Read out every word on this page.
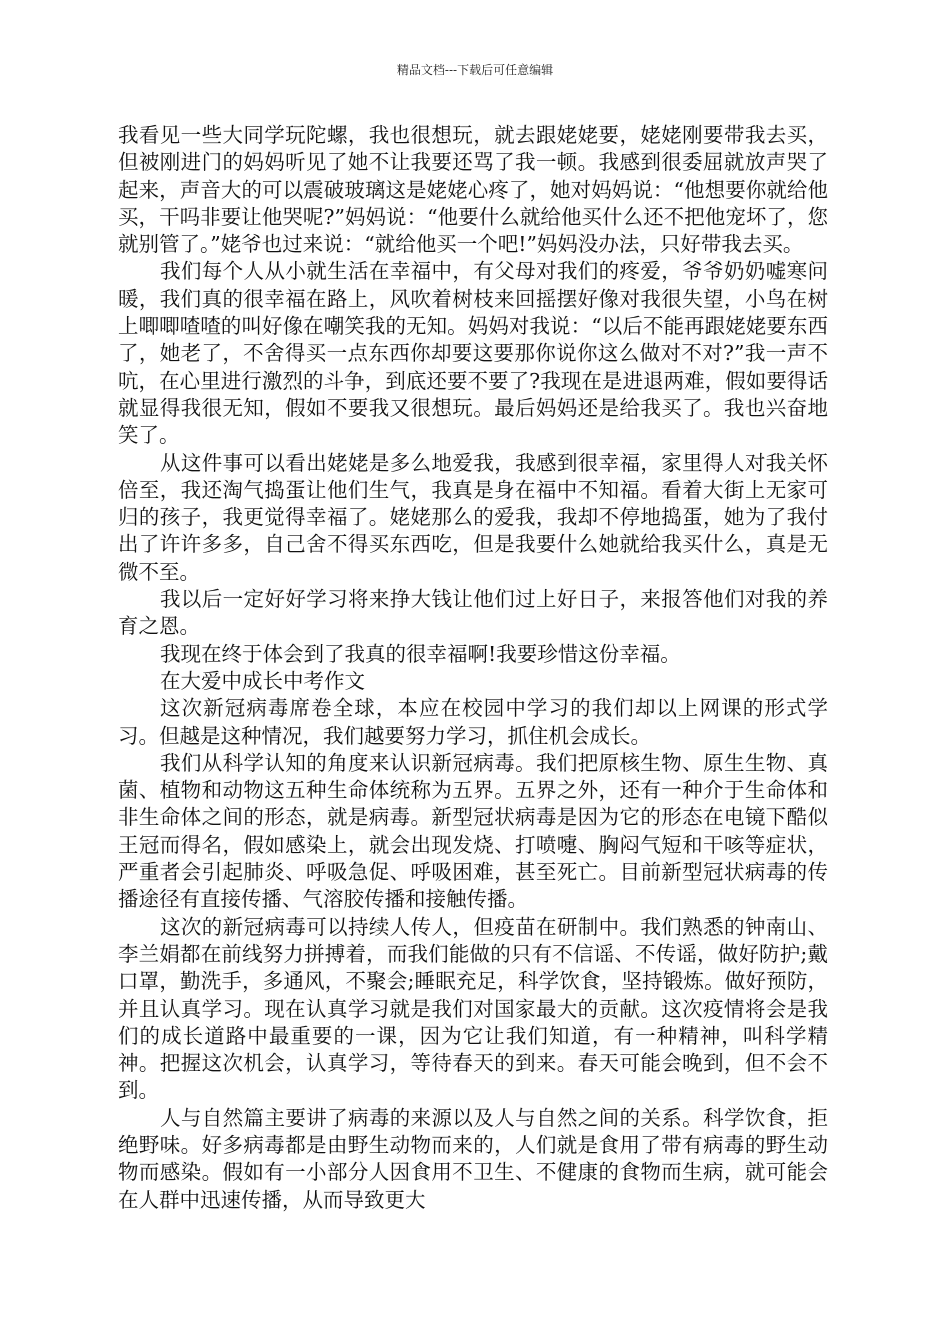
精品文档---下载后可任意编辑

我看见一些大同学玩陀螺，我也很想玩，就去跟姥姥要，姥姥刚要带我去买，但被刚进门的妈妈听见了她不让我要还骂了我一顿。我感到很委屈就放声哭了起来，声音大的可以震破玻璃这是姥姥心疼了，她对妈妈说：“他想要你就给他买，干吗非要让他哭呢?”妈妈说：“他要什么就给他买什么还不把他宠坏了，您就别管了。”姥爷也过来说：“就给他买一个吧!”妈妈没办法，只好带我去买。

我们每个人从小就生活在幸福中，有父母对我们的疼爱，爷爷奶奶嘘寒问暖，我们真的很幸福在路上，风吹着树枝来回摇摆好像对我很失望，小鸟在树上唧唧喳喳的叫好像在嘲笑我的无知。妈妈对我说：“以后不能再跟姥姥要东西了，她老了，不舍得买一点东西你却要这要那你说你这么做对不对?”我一声不吭，在心里进行激烈的斗争，到底还要不要了?我现在是进退两难，假如要得话就显得我很无知，假如不要我又很想玩。最后妈妈还是给我买了。我也兴奋地笑了。

从这件事可以看出姥姥是多么地爱我，我感到很幸福，家里得人对我关怀倍至，我还淘气捣蛋让他们生气，我真是身在福中不知福。看着大街上无家可归的孩子，我更觉得幸福了。姥姥那么的爱我，我却不停地捣蛋，她为了我付出了许许多多，自己舍不得买东西吃，但是我要什么她就给我买什么，真是无微不至。

我以后一定好好学习将来挣大钱让他们过上好日子，来报答他们对我的养育之恩。

我现在终于体会到了我真的很幸福啊!我要珍惜这份幸福。

在大爱中成长中考作文

这次新冠病毒席卷全球，本应在校园中学习的我们却以上网课的形式学习。但越是这种情况，我们越要努力学习，抓住机会成长。

我们从科学认知的角度来认识新冠病毒。我们把原核生物、原生生物、真菌、植物和动物这五种生命体统称为五界。五界之外，还有一种介于生命体和非生命体之间的形态，就是病毒。新型冠状病毒是因为它的形态在电镜下酷似王冠而得名，假如感染上，就会出现发烧、打喷嚏、胸闷气短和干咳等症状，严重者会引起肺炎、呼吸急促、呼吸困难，甚至死亡。目前新型冠状病毒的传播途径有直接传播、气溶胶传播和接触传播。

这次的新冠病毒可以持续人传人，但疫苗在研制中。我们熟悉的钟南山、李兰娟都在前线努力拼搏着，而我们能做的只有不信谣、不传谣，做好防护;戴口罩，勤洗手，多通风，不聚会;睡眠充足，科学饮食，坚持锻炼。做好预防，并且认真学习。现在认真学习就是我们对国家最大的贡献。这次疫情将会是我们的成长道路中最重要的一课，因为它让我们知道，有一种精神，叫科学精神。把握这次机会，认真学习，等待春天的到来。春天可能会晚到，但不会不到。

人与自然篇主要讲了病毒的来源以及人与自然之间的关系。科学饮食，拒绝野味。好多病毒都是由野生动物而来的，人们就是食用了带有病毒的野生动物而感染。假如有一小部分人因食用不卫生、不健康的食物而生病，就可能会在人群中迅速传播，从而导致更大
